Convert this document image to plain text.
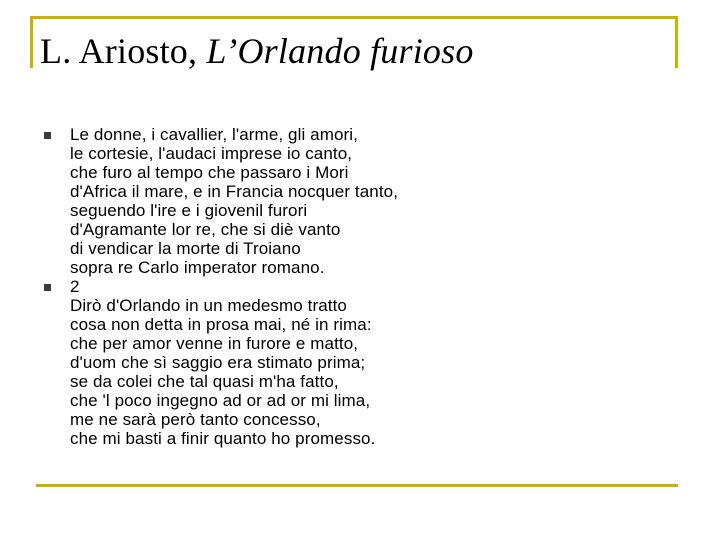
L. Ariosto, L’Orlando furioso
Le donne, i cavallier, l'arme, gli amori,
le cortesie, l'audaci imprese io canto,
che furo al tempo che passaro i Mori
d'Africa il mare, e in Francia nocquer tanto,
seguendo l'ire e i giovenil furori
d'Agramante lor re, che si diè vanto
di vendicar la morte di Troiano
sopra re Carlo imperator romano.
2
Dirò d'Orlando in un medesmo tratto
cosa non detta in prosa mai, né in rima:
che per amor venne in furore e matto,
d'uom che sì saggio era stimato prima;
se da colei che tal quasi m'ha fatto,
che 'l poco ingegno ad or ad or mi lima,
me ne sarà però tanto concesso,
che mi basti a finir quanto ho promesso.
